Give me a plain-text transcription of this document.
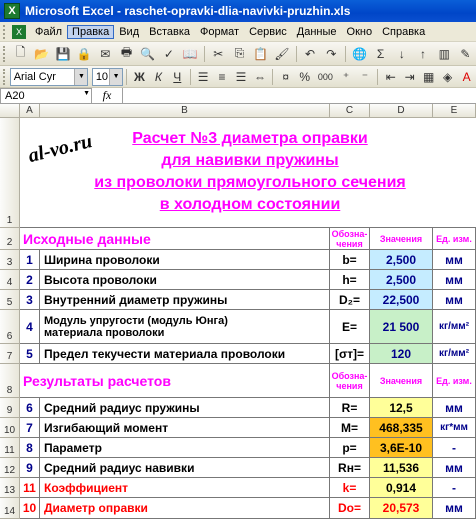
X Microsoft Excel - raschet-opravki-dlia-navivki-pruzhin.xls
X	Файл Правка Вид Вставка Формат Сервис Данные Окно Справка
🗋 📂 💾 🔒 ✉ 🖶 🔍 ✓ 📖	✂ ⎘ 📋 🖌	↶ ↷	🌐 Σ	↓	↑	▥ ✎
Arial Cyr	▼ 10 ▼ Ж К Ч	☰ ≡ ☰ ⇔	¤ % 000 ⁺	⁻	⇤ ⇥ ▦ ◈ A
A20	▼	fx
A	B	C	D	E
1
2
3
4
5
6
7
8
9
10
11
12
13
14
al-vo.ru	Расчет №3 диаметра оправки
для навивки пружины
из проволоки прямоугольного сечения
в холодном состоянии
Исходные данные	Обозна-чения	Значения	Ед. изм.
Результаты расчетов	Обозна-чения	Значения	Ед. изм.
1 Ширина проволоки	b=	2,500	мм
2 Высота проволоки	h=	2,500	мм
3 Внутренний диаметр пружины	D₂=	22,500	мм
4	Модуль упругости (модуль Юнга)
материала проволоки	E=	21 500	кг/мм²
5 Предел текучести материала проволоки	[σт]=	120	кг/мм²
6 Средний радиус пружины	R=	12,5	мм
7 Изгибающий момент	M=	468,335	кг*мм
8 Параметр	p=	3,6E-10	-
9 Средний радиус навивки	Rн=	11,536	мм
11 Коэффициент	k=	0,914	-
10 Диаметр оправки	Dо=	20,573	мм
